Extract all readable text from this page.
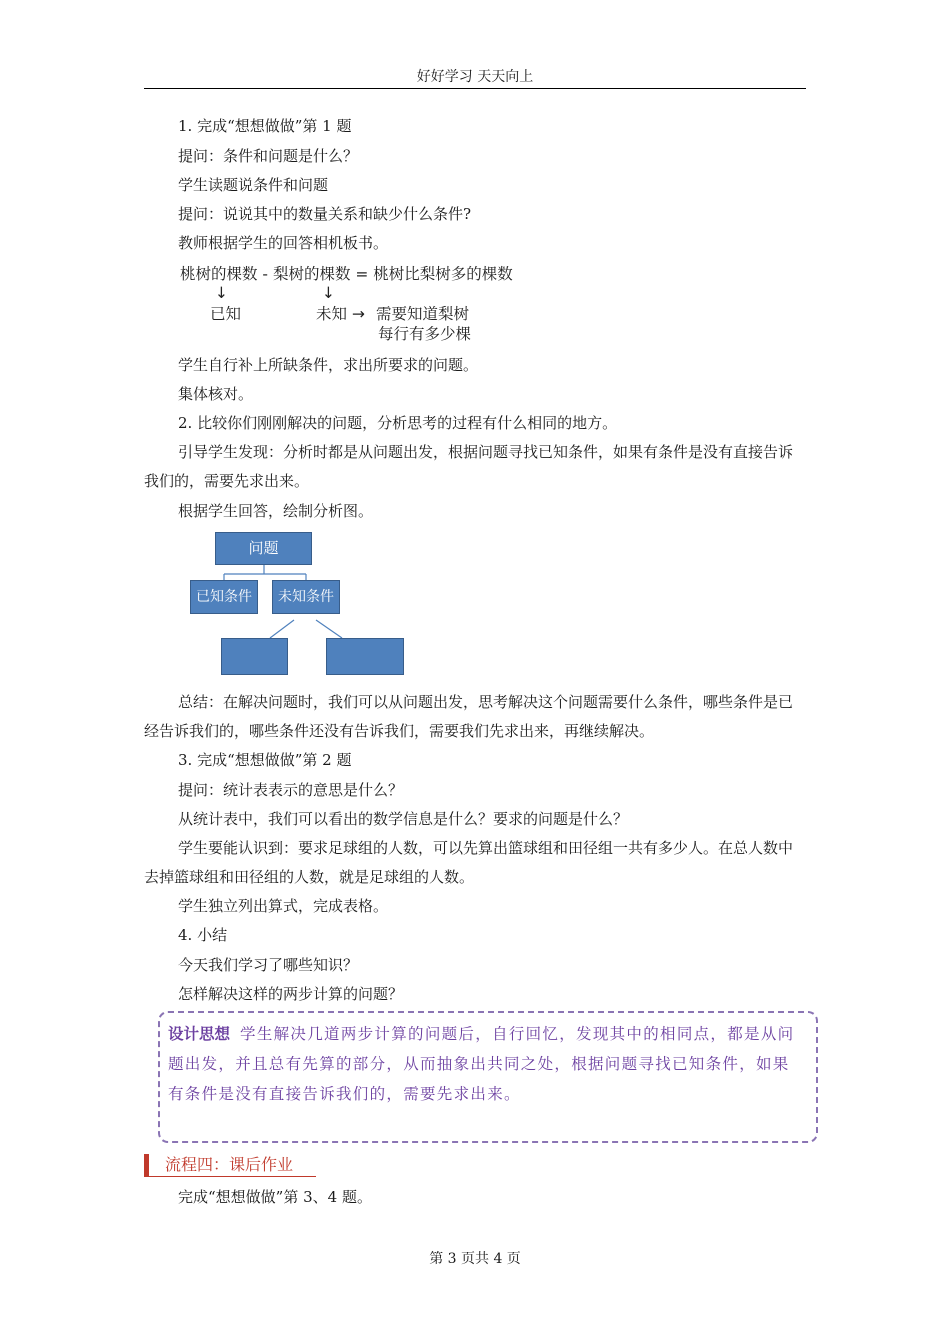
好好学习 天天向上
1. 完成“想想做做”第 1 题
提问：条件和问题是什么？
学生读题说条件和问题
提问：说说其中的数量关系和缺少什么条件?
教师根据学生的回答相机板书。
桃树的棵数 - 梨树的棵数 = 桃树比梨树多的棵数
↓	↓
已知	未知 → 需要知道梨树
每行有多少棵
学生自行补上所缺条件，求出所要求的问题。
集体核对。
2. 比较你们刚刚解决的问题，分析思考的过程有什么相同的地方。
引导学生发现：分析时都是从问题出发，根据问题寻找已知条件，如果有条件是没有直接告诉我们的，需要先求出来。
根据学生回答，绘制分析图。
问题
已知条件	未知条件
总结：在解决问题时，我们可以从问题出发，思考解决这个问题需要什么条件，哪些条件是已经告诉我们的，哪些条件还没有告诉我们，需要我们先求出来，再继续解决。
3. 完成“想想做做”第 2 题
提问：统计表表示的意思是什么？
从统计表中，我们可以看出的数学信息是什么？要求的问题是什么？
学生要能认识到：要求足球组的人数，可以先算出篮球组和田径组一共有多少人。在总人数中去掉篮球组和田径组的人数，就是足球组的人数。
学生独立列出算式，完成表格。
4. 小结
今天我们学习了哪些知识？
怎样解决这样的两步计算的问题？
设计思想 学生解决几道两步计算的问题后，自行回忆，发现其中的相同点，都是从问题出发，并且总有先算的部分，从而抽象出共同之处，根据问题寻找已知条件，如果有条件是没有直接告诉我们的，需要先求出来。
流程四：课后作业
完成“想想做做”第 3、4 题。
第 3 页共 4 页
